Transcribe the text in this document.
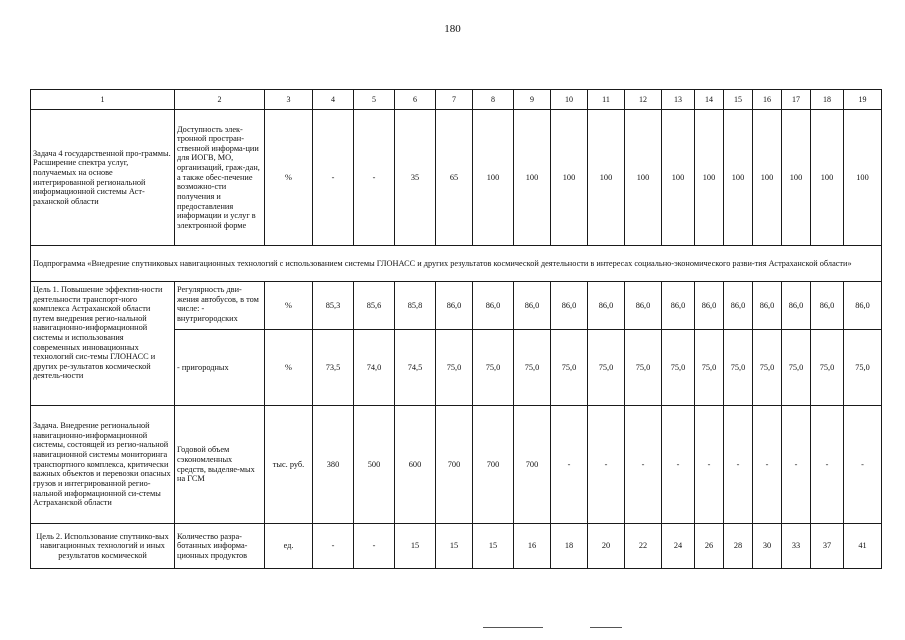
180
1	2	3	4	5	6	7	8	9	10	11	12	13	14	15	16	17	18	19
Задача 4 государственной про-граммы. Расширение спектра услуг, получаемых на основе интегрированной региональной информационной системы Аст-раханской области	Доступность элек-тронной простран-ственной информа-ции для ИОГВ, МО, организаций, граж-дан, а также обес-печение возможно-сти получения и предоставления информации и услуг в электронной форме	%	-	-	35	65	100	100	100	100	100	100	100	100	100	100	100	100
Подпрограмма «Внедрение спутниковых навигационных технологий с использованием системы ГЛОНАСС и других результатов космической деятельности в интересах социально-экономического разви-тия Астраханской области»																		
Цель 1. Повышение эффектив-ности деятельности транспорт-ного комплекса Астраханской области путем внедрения регио-нальной навигационно-информационной системы и использования современных инновационных технологий сис-темы ГЛОНАСС и других ре-зультатов космической деятель-ности	Регулярность дви-жения автобусов, в том числе: - внутригородских	%	85,3	85,6	85,8	86,0	86,0	86,0	86,0	86,0	86,0	86,0	86,0	86,0	86,0	86,0	86,0	86,0
	- пригородных	%	73,5	74,0	74,5	75,0	75,0	75,0	75,0	75,0	75,0	75,0	75,0	75,0	75,0	75,0	75,0	75,0
Задача. Внедрение региональной навигационно-информационной системы, состоящей из регио-нальной навигационной системы мониторинга транспортного комплекса, критически важных объектов и перевозки опасных грузов и интегрированной регио-нальной информационной си-стемы Астраханской области	Годовой объем сэкономленных средств, выделяе-мых на ГСМ	тыс. руб.	380	500	600	700	700	700	-	-	-	-	-	-	-	-	-	-
Цель 2. Использование спутнико-вых навигационных технологий и иных результатов космической	Количество разра-ботанных информа-ционных продуктов	ед.	-	-	15	15	15	16	18	20	22	24	26	28	30	33	37	41
